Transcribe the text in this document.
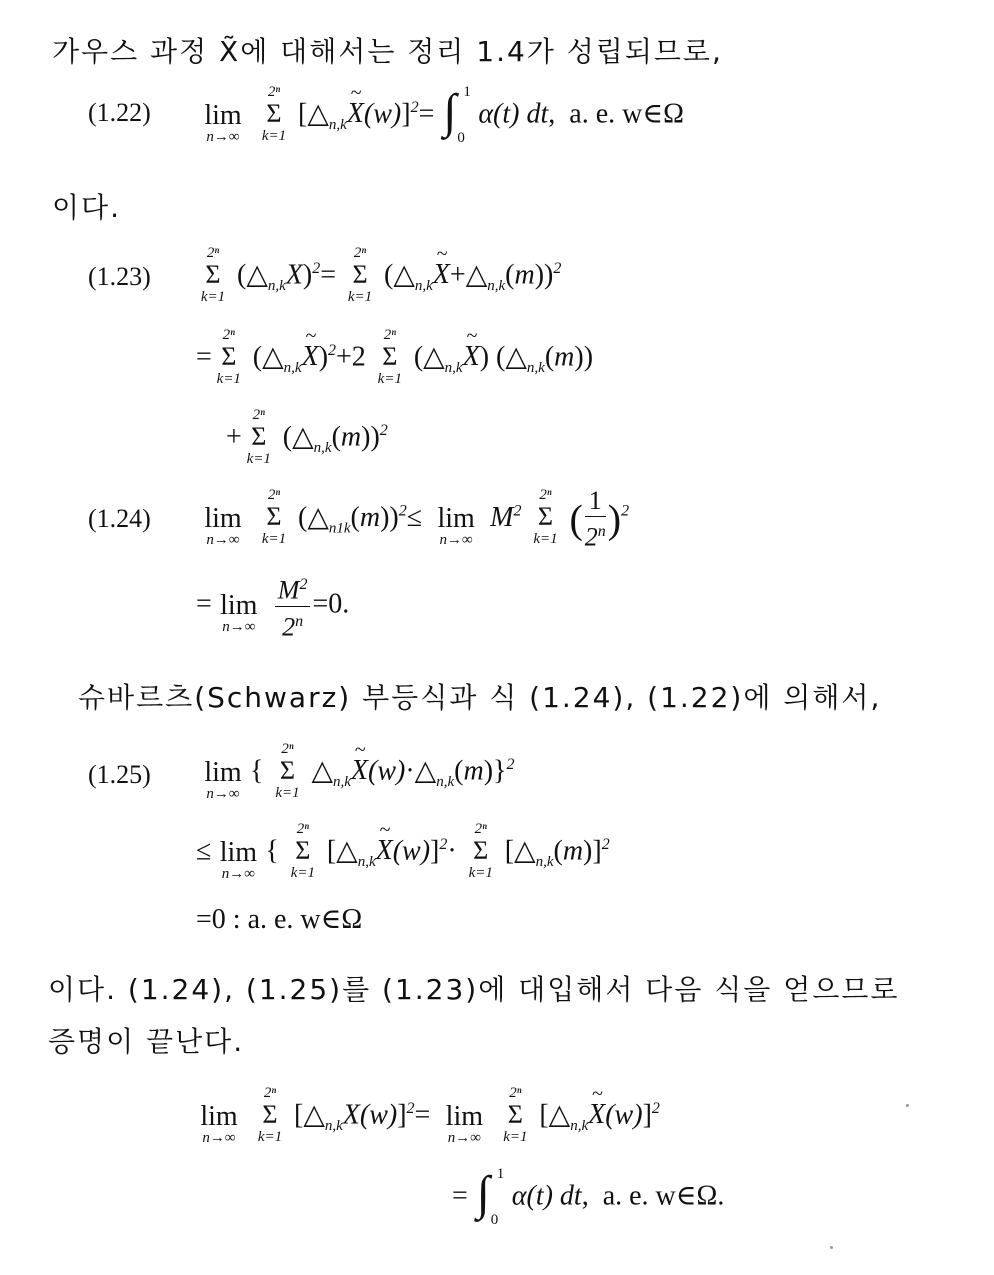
가우스 과정 X̃에 대해서는 정리 1.4가 성립되므로,
(1.22) lim
n→∞

2ⁿ
Σ
k=1
[$\triangle_{n,k}\sim$ X(w)]$^2$= ∫ 1
0
α(t) dt,  a. e. w∈Ω
이다.
(1.23)
2ⁿ
Σ
k=1
$(\triangle_{n,k}X)^2=$
2ⁿ
Σ
k=1
($\triangle_{n,k}\sim$ $X+\triangle_{n,k}(m))^2$
=
2ⁿ
Σ
k=1
($\triangle_{n,k}\sim$ X)$^2$+2
2ⁿ
Σ
k=1
($\triangle_{n,k}\sim$ X) $(\triangle_{n,k}(m))$
+
2ⁿ
Σ
k=1
$(\triangle_{n,k}(m))^2$
(1.24) lim
n→∞

2ⁿ
Σ
k=1
$(\triangle_{n1k}(m))^2\le \lim$
n→∞
$M^2$
2ⁿ
Σ
k=1 ( $\frac{1}{2^n} )^2$
= lim
n→∞
$\frac{M^2}{2^n} =0$.
슈바르츠(Schwarz) 부등식과 식 (1.24), (1.22)에 의해서,
(1.25) lim
n→∞
{
2ⁿ
Σ
k=1
$\triangle_{n,k}\sim$ $X(w)\cdot\triangle_{n,k}(m)\}^2$
≤ lim
n→∞
{
2ⁿ
Σ
k=1
[$\triangle_{n,k}\sim$ X(w)]$^2$·
2ⁿ
Σ
k=1
$[\triangle_{n,k}(m)]^2$
=0 : a. e. w∈Ω
이다. (1.24), (1.25)를 (1.23)에 대입해서 다음 식을 얻으므로
증명이 끝난다.
lim
n→∞

2ⁿ
Σ
k=1
$[\triangle_{n,k}X(w)]^2= \lim$
n→∞

2ⁿ
Σ
k=1
[$\triangle_{n,k}\sim$ X(w)]$^2$
= ∫ 1
0
α(t) dt,  a. e. w∈Ω.
